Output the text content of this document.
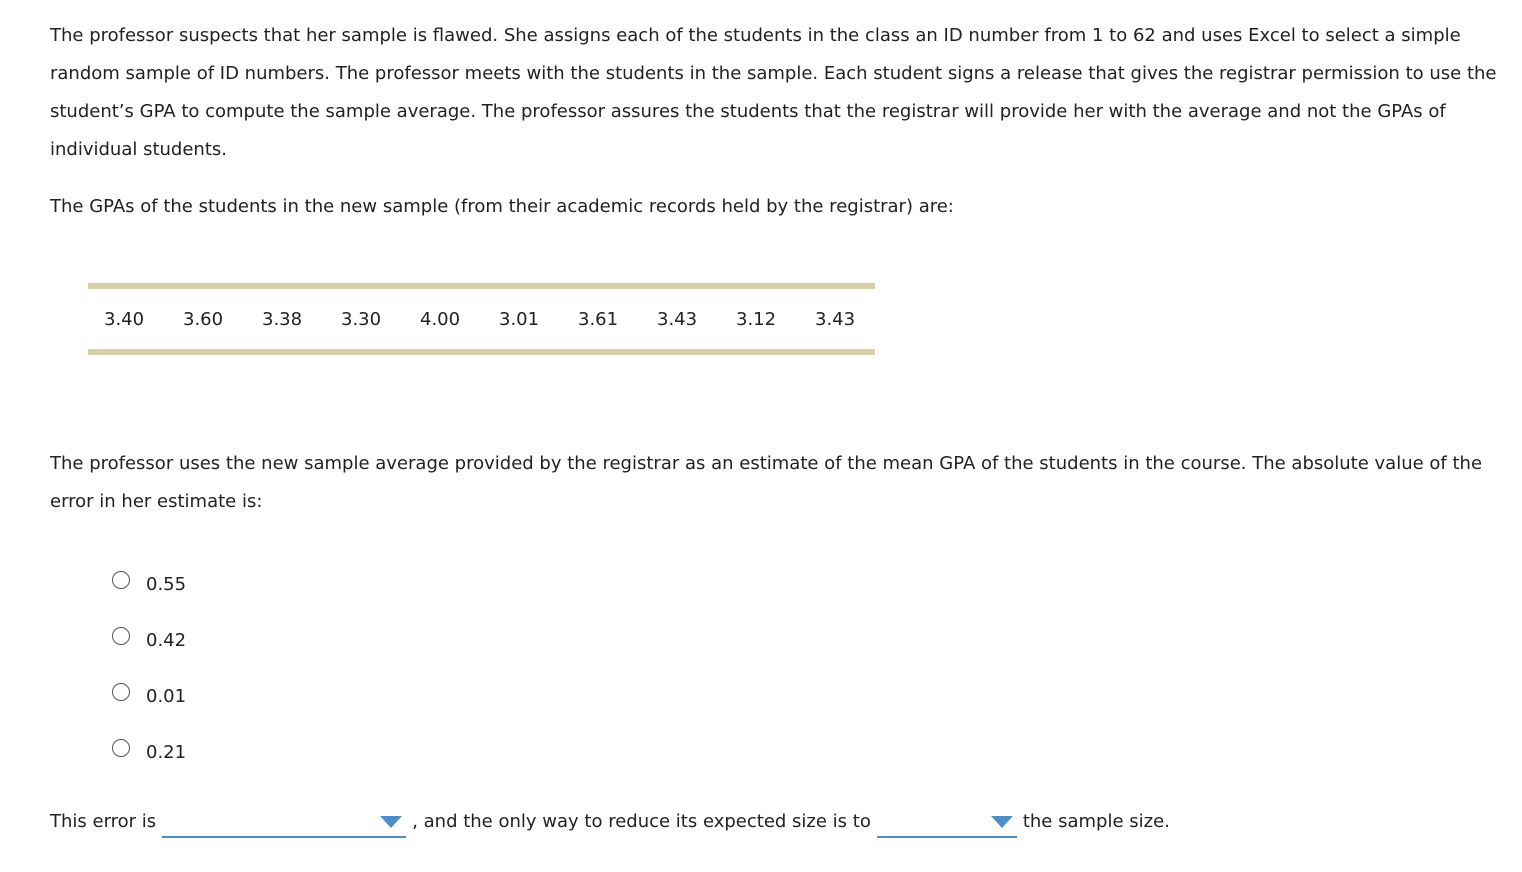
The professor suspects that her sample is flawed. She assigns each of the students in the class an ID number from 1 to 62 and uses Excel to select a simple random sample of ID numbers. The professor meets with the students in the sample. Each student signs a release that gives the registrar permission to use the student’s GPA to compute the sample average. The professor assures the students that the registrar will provide her with the average and not the GPAs of individual students.

The GPAs of the students in the new sample (from their academic records held by the registrar) are:

3.40	3.60	3.38	3.30	4.00	3.01	3.61	3.43	3.12	3.43

The professor uses the new sample average provided by the registrar as an estimate of the mean GPA of the students in the course. The absolute value of the error in her estimate is:

0.55
0.42
0.01
0.21
This error is	, and the only way to reduce its expected size is to	the sample size.
